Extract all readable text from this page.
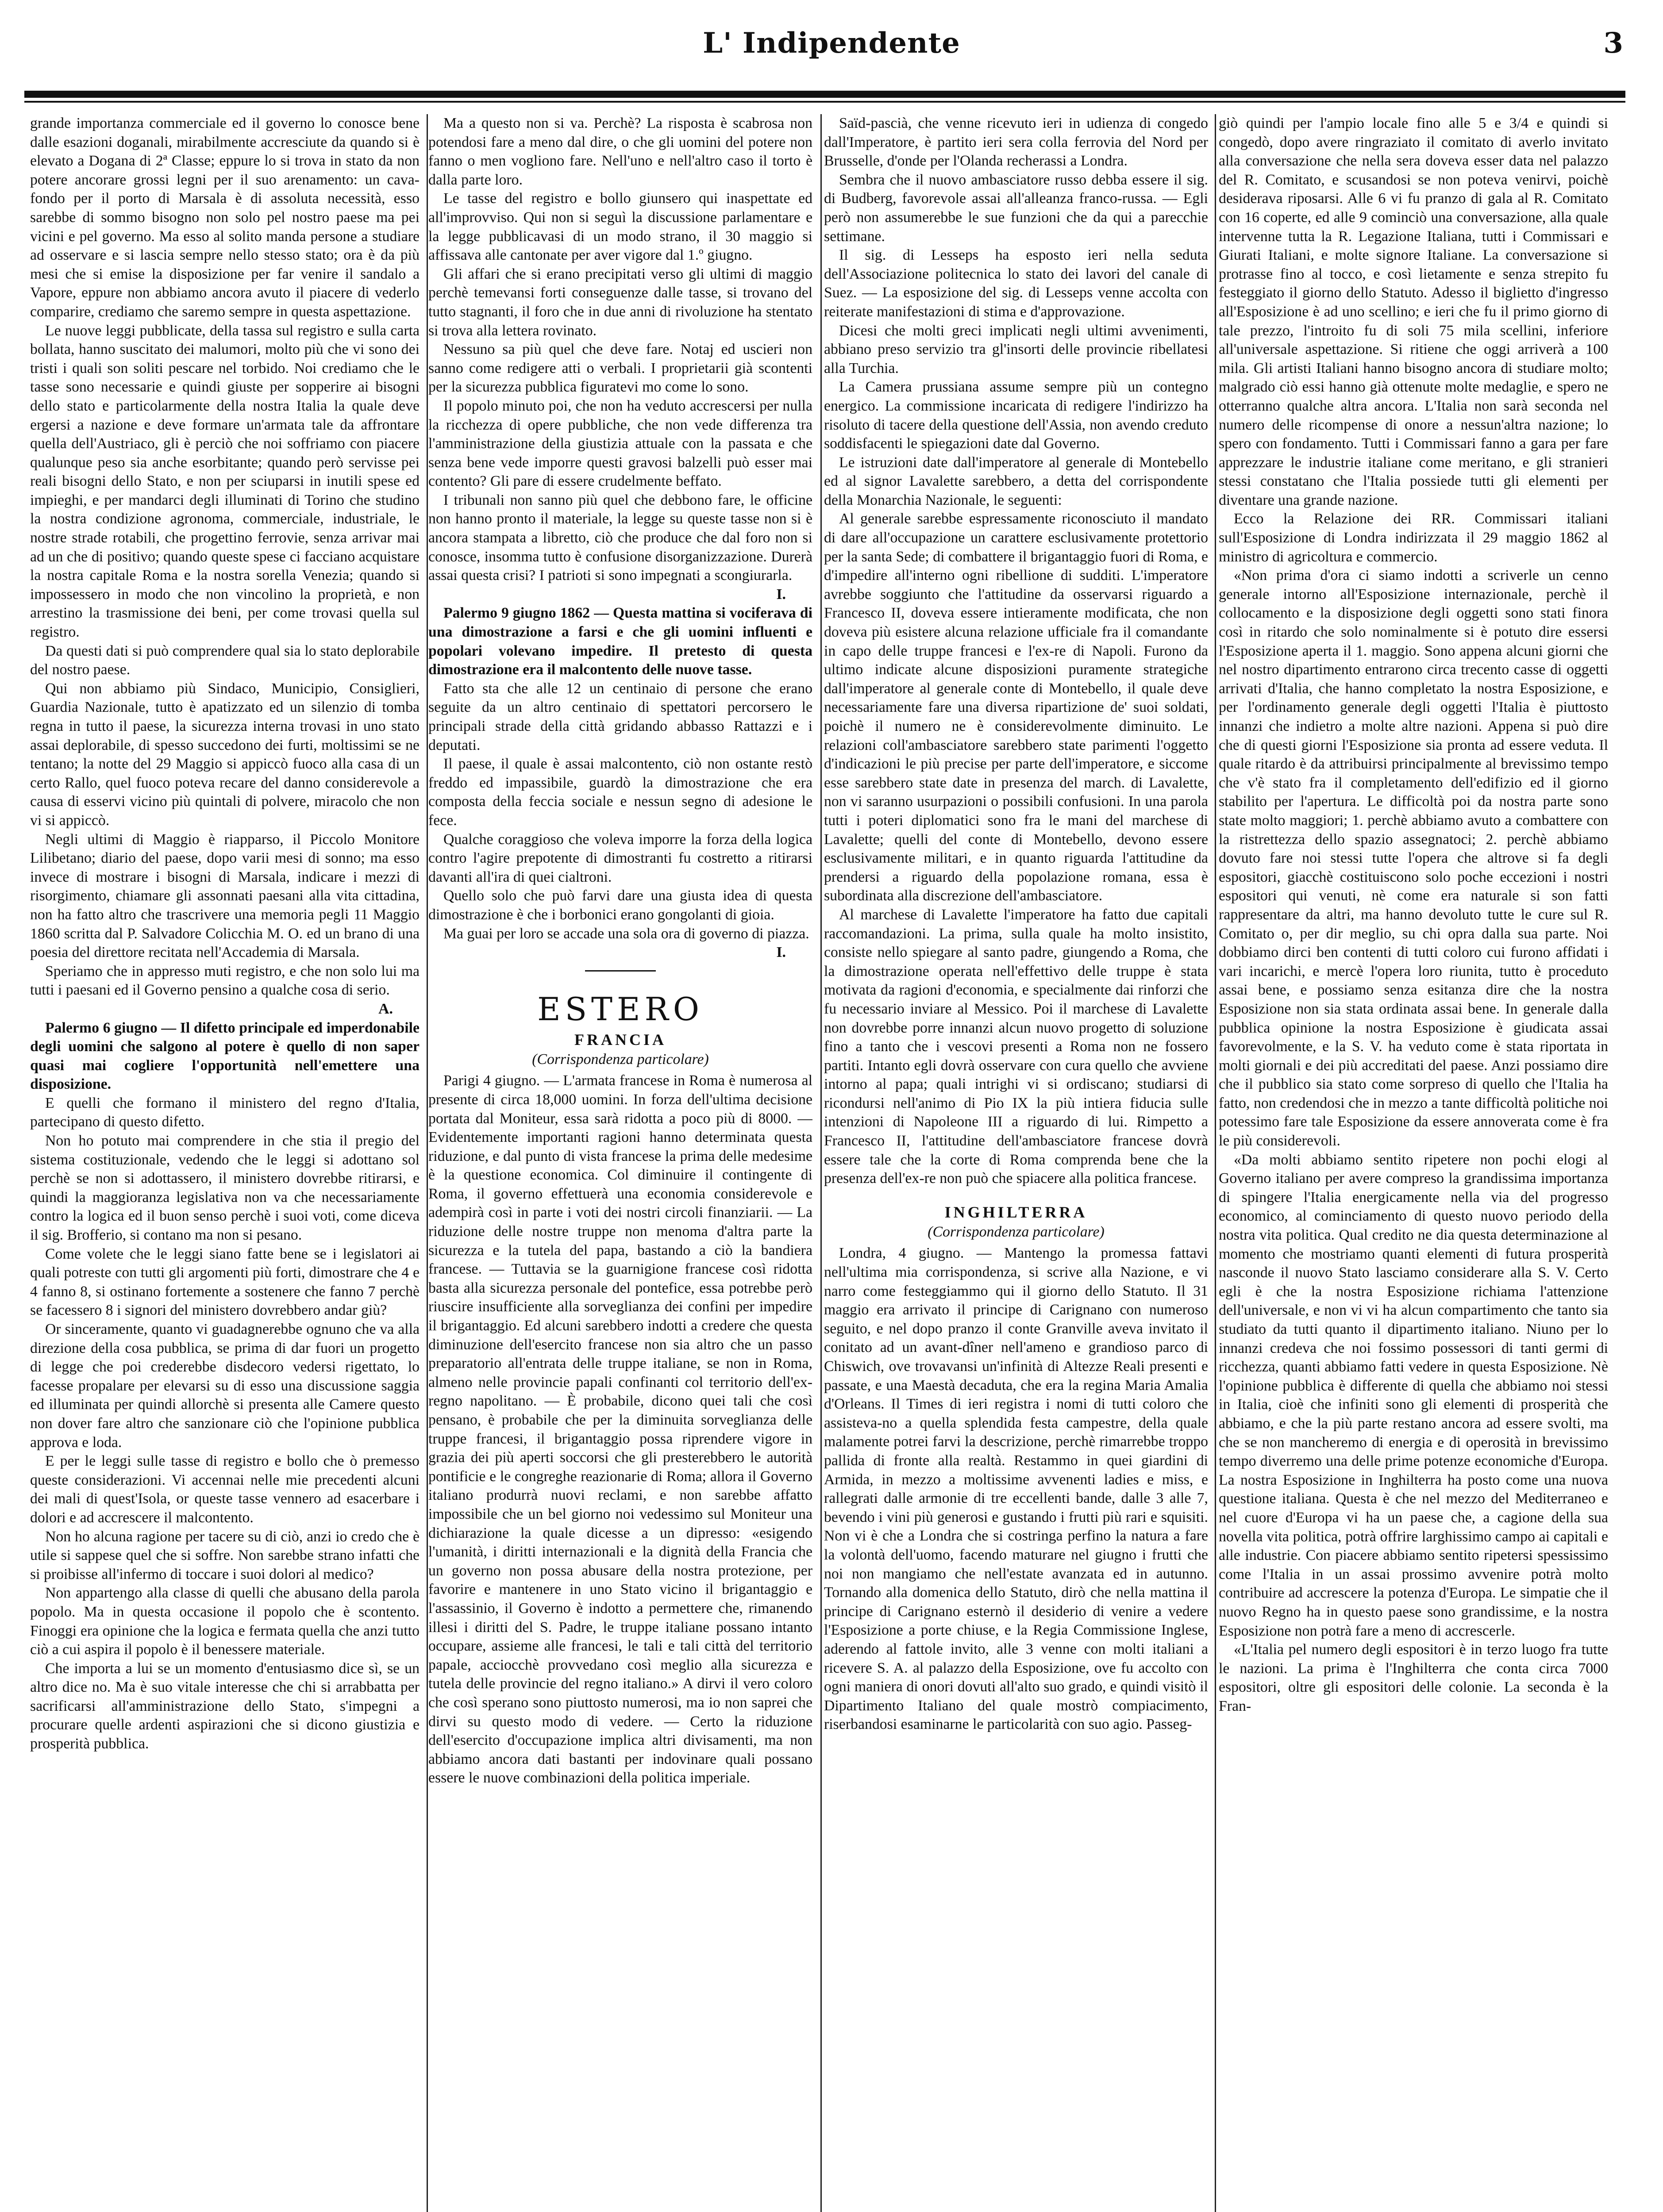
L' Indipendente	3

grande importanza commerciale ed il governo lo conosce bene dalle esazioni doganali, mirabilmente accresciute da quando si è elevato a Dogana di 2ª Classe; eppure lo si trova in stato da non potere ancorare grossi legni per il suo arenamento: un cava-fondo per il porto di Marsala è di assoluta necessità, esso sarebbe di sommo bisogno non solo pel nostro paese ma pei vicini e pel governo. Ma esso al solito manda persone a studiare ad osservare e si lascia sempre nello stesso stato; ora è da più mesi che si emise la disposizione per far venire il sandalo a Vapore, eppure non abbiamo ancora avuto il piacere di vederlo comparire, crediamo che saremo sempre in questa aspettazione.

Le nuove leggi pubblicate, della tassa sul registro e sulla carta bollata, hanno suscitato dei malumori, molto più che vi sono dei tristi i quali son soliti pescare nel torbido. Noi crediamo che le tasse sono necessarie e quindi giuste per sopperire ai bisogni dello stato e particolarmente della nostra Italia la quale deve ergersi a nazione e deve formare un'armata tale da affrontare quella dell'Austriaco, gli è perciò che noi soffriamo con piacere qualunque peso sia anche esorbitante; quando però servisse pei reali bisogni dello Stato, e non per sciuparsi in inutili spese ed impieghi, e per mandarci degli illuminati di Torino che studino la nostra condizione agronoma, commerciale, industriale, le nostre strade rotabili, che progettino ferrovie, senza arrivar mai ad un che di positivo; quando queste spese ci facciano acquistare la nostra capitale Roma e la nostra sorella Venezia; quando si impossessero in modo che non vincolino la proprietà, e non arrestino la trasmissione dei beni, per come trovasi quella sul registro.

Da questi dati si può comprendere qual sia lo stato deplorabile del nostro paese.

Qui non abbiamo più Sindaco, Municipio, Consiglieri, Guardia Nazionale, tutto è apatizzato ed un silenzio di tomba regna in tutto il paese, la sicurezza interna trovasi in uno stato assai deplorabile, di spesso succedono dei furti, moltissimi se ne tentano; la notte del 29 Maggio si appiccò fuoco alla casa di un certo Rallo, quel fuoco poteva recare del danno considerevole a causa di esservi vicino più quintali di polvere, miracolo che non vi si appiccò.

Negli ultimi di Maggio è riapparso, il Piccolo Monitore Lilibetano; diario del paese, dopo varii mesi di sonno; ma esso invece di mostrare i bisogni di Marsala, indicare i mezzi di risorgimento, chiamare gli assonnati paesani alla vita cittadina, non ha fatto altro che trascrivere una memoria pegli 11 Maggio 1860 scritta dal P. Salvadore Colicchia M. O. ed un brano di una poesia del direttore recitata nell'Accademia di Marsala.

Speriamo che in appresso muti registro, e che non solo lui ma tutti i paesani ed il Governo pensino a qualche cosa di serio.

A.

Palermo 6 giugno — Il difetto principale ed imperdonabile degli uomini che salgono al potere è quello di non saper quasi mai cogliere l'opportunità nell'emettere una disposizione.

E quelli che formano il ministero del regno d'Italia, partecipano di questo difetto.

Non ho potuto mai comprendere in che stia il pregio del sistema costituzionale, vedendo che le leggi si adottano sol perchè se non si adottassero, il ministero dovrebbe ritirarsi, e quindi la maggioranza legislativa non va che necessariamente contro la logica ed il buon senso perchè i suoi voti, come diceva il sig. Brofferio, si contano ma non si pesano.

Come volete che le leggi siano fatte bene se i legislatori ai quali potreste con tutti gli argomenti più forti, dimostrare che 4 e 4 fanno 8, si ostinano fortemente a sostenere che fanno 7 perchè se facessero 8 i signori del ministero dovrebbero andar giù?

Or sinceramente, quanto vi guadagnerebbe ognuno che va alla direzione della cosa pubblica, se prima di dar fuori un progetto di legge che poi crederebbe disdecoro vedersi rigettato, lo facesse propalare per elevarsi su di esso una discussione saggia ed illuminata per quindi allorchè si presenta alle Camere questo non dover fare altro che sanzionare ciò che l'opinione pubblica approva e loda.

E per le leggi sulle tasse di registro e bollo che ò premesso queste considerazioni. Vi accennai nelle mie precedenti alcuni dei mali di quest'Isola, or queste tasse vennero ad esacerbare i dolori e ad accrescere il malcontento.

Non ho alcuna ragione per tacere su di ciò, anzi io credo che è utile si sappese quel che si soffre. Non sarebbe strano infatti che si proibisse all'infermo di toccare i suoi dolori al medico?

Non appartengo alla classe di quelli che abusano della parola popolo. Ma in questa occasione il popolo che è scontento. Finoggi era opinione che la logica e fermata quella che anzi tutto ciò a cui aspira il popolo è il benessere materiale.

Che importa a lui se un momento d'entusiasmo dice sì, se un altro dice no. Ma è suo vitale interesse che chi si arrabbatta per sacrificarsi all'amministrazione dello Stato, s'impegni a procurare quelle ardenti aspirazioni che si dicono giustizia e prosperità pubblica.

Ma a questo non si va. Perchè? La risposta è scabrosa non potendosi fare a meno dal dire, o che gli uomini del potere non fanno o men vogliono fare. Nell'uno e nell'altro caso il torto è dalla parte loro.

Le tasse del registro e bollo giunsero qui inaspettate ed all'improvviso. Qui non si seguì la discussione parlamentare e la legge pubblicavasi di un modo strano, il 30 maggio si affissava alle cantonate per aver vigore dal 1.º giugno.

Gli affari che si erano precipitati verso gli ultimi di maggio perchè temevansi forti conseguenze dalle tasse, si trovano del tutto stagnanti, il foro che in due anni di rivoluzione ha stentato si trova alla lettera rovinato.

Nessuno sa più quel che deve fare. Notaj ed uscieri non sanno come redigere atti o verbali. I proprietarii già scontenti per la sicurezza pubblica figuratevi mo come lo sono.

Il popolo minuto poi, che non ha veduto accrescersi per nulla la ricchezza di opere pubbliche, che non vede differenza tra l'amministrazione della giustizia attuale con la passata e che senza bene vede imporre questi gravosi balzelli può esser mai contento? Gli pare di essere crudelmente beffato.

I tribunali non sanno più quel che debbono fare, le officine non hanno pronto il materiale, la legge su queste tasse non si è ancora stampata a libretto, ciò che produce che dal foro non si conosce, insomma tutto è confusione disorganizzazione. Durerà assai questa crisi? I patrioti si sono impegnati a scongiurarla.

I.

Palermo 9 giugno 1862 — Questa mattina si vociferava di una dimostrazione a farsi e che gli uomini influenti e popolari volevano impedire. Il pretesto di questa dimostrazione era il malcontento delle nuove tasse.

Fatto sta che alle 12 un centinaio di persone che erano seguite da un altro centinaio di spettatori percorsero le principali strade della città gridando abbasso Rattazzi e i deputati.

Il paese, il quale è assai malcontento, ciò non ostante restò freddo ed impassibile, guardò la dimostrazione che era composta della feccia sociale e nessun segno di adesione le fece.

Qualche coraggioso che voleva imporre la forza della logica contro l'agire prepotente di dimostranti fu costretto a ritirarsi davanti all'ira di quei cialtroni.

Quello solo che può farvi dare una giusta idea di questa dimostrazione è che i borbonici erano gongolanti di gioia.

Ma guai per loro se accade una sola ora di governo di piazza.

I.

ESTERO

FRANCIA

(Corrispondenza particolare)

Parigi 4 giugno. — L'armata francese in Roma è numerosa al presente di circa 18,000 uomini. In forza dell'ultima decisione portata dal Moniteur, essa sarà ridotta a poco più di 8000. — Evidentemente importanti ragioni hanno determinata questa riduzione, e dal punto di vista francese la prima delle medesime è la questione economica. Col diminuire il contingente di Roma, il governo effettuerà una economia considerevole e adempirà così in parte i voti dei nostri circoli finanziarii. — La riduzione delle nostre truppe non menoma d'altra parte la sicurezza e la tutela del papa, bastando a ciò la bandiera francese. — Tuttavia se la guarnigione francese così ridotta basta alla sicurezza personale del pontefice, essa potrebbe però riuscire insufficiente alla sorveglianza dei confini per impedire il brigantaggio. Ed alcuni sarebbero indotti a credere che questa diminuzione dell'esercito francese non sia altro che un passo preparatorio all'entrata delle truppe italiane, se non in Roma, almeno nelle provincie papali confinanti col territorio dell'ex-regno napolitano. — È probabile, dicono quei tali che così pensano, è probabile che per la diminuita sorveglianza delle truppe francesi, il brigantaggio possa riprendere vigore in grazia dei più aperti soccorsi che gli presterebbero le autorità pontificie e le congreghe reazionarie di Roma; allora il Governo italiano produrrà nuovi reclami, e non sarebbe affatto impossibile che un bel giorno noi vedessimo sul Moniteur una dichiarazione la quale dicesse a un dipresso: «esigendo l'umanità, i diritti internazionali e la dignità della Francia che un governo non possa abusare della nostra protezione, per favorire e mantenere in uno Stato vicino il brigantaggio e l'assassinio, il Governo è indotto a permettere che, rimanendo illesi i diritti del S. Padre, le truppe italiane possano intanto occupare, assieme alle francesi, le tali e tali città del territorio papale, acciocchè provvedano così meglio alla sicurezza e tutela delle provincie del regno italiano.» A dirvi il vero coloro che così sperano sono piuttosto numerosi, ma io non saprei che dirvi su questo modo di vedere. — Certo la riduzione dell'esercito d'occupazione implica altri divisamenti, ma non abbiamo ancora dati bastanti per indovinare quali possano essere le nuove combinazioni della politica imperiale.

Saïd-pascià, che venne ricevuto ieri in udienza di congedo dall'Imperatore, è partito ieri sera colla ferrovia del Nord per Brusselle, d'onde per l'Olanda recherassi a Londra.

Sembra che il nuovo ambasciatore russo debba essere il sig. di Budberg, favorevole assai all'alleanza franco-russa. — Egli però non assumerebbe le sue funzioni che da qui a parecchie settimane.

Il sig. di Lesseps ha esposto ieri nella seduta dell'Associazione politecnica lo stato dei lavori del canale di Suez. — La esposizione del sig. di Lesseps venne accolta con reiterate manifestazioni di stima e d'approvazione.

Dicesi che molti greci implicati negli ultimi avvenimenti, abbiano preso servizio tra gl'insorti delle provincie ribellatesi alla Turchia.

La Camera prussiana assume sempre più un contegno energico. La commissione incaricata di redigere l'indirizzo ha risoluto di tacere della questione dell'Assia, non avendo creduto soddisfacenti le spiegazioni date dal Governo.

Le istruzioni date dall'imperatore al generale di Montebello ed al signor Lavalette sarebbero, a detta del corrispondente della Monarchia Nazionale, le seguenti:

Al generale sarebbe espressamente riconosciuto il mandato di dare all'occupazione un carattere esclusivamente protettorio per la santa Sede; di combattere il brigantaggio fuori di Roma, e d'impedire all'interno ogni ribellione di sudditi. L'imperatore avrebbe soggiunto che l'attitudine da osservarsi riguardo a Francesco II, doveva essere intieramente modificata, che non doveva più esistere alcuna relazione ufficiale fra il comandante in capo delle truppe francesi e l'ex-re di Napoli. Furono da ultimo indicate alcune disposizioni puramente strategiche dall'imperatore al generale conte di Montebello, il quale deve necessariamente fare una diversa ripartizione de' suoi soldati, poichè il numero ne è considerevolmente diminuito. Le relazioni coll'ambasciatore sarebbero state parimenti l'oggetto d'indicazioni le più precise per parte dell'imperatore, e siccome esse sarebbero state date in presenza del march. di Lavalette, non vi saranno usurpazioni o possibili confusioni. In una parola tutti i poteri diplomatici sono fra le mani del marchese di Lavalette; quelli del conte di Montebello, devono essere esclusivamente militari, e in quanto riguarda l'attitudine da prendersi a riguardo della popolazione romana, essa è subordinata alla discrezione dell'ambasciatore.

Al marchese di Lavalette l'imperatore ha fatto due capitali raccomandazioni. La prima, sulla quale ha molto insistito, consiste nello spiegare al santo padre, giungendo a Roma, che la dimostrazione operata nell'effettivo delle truppe è stata motivata da ragioni d'economia, e specialmente dai rinforzi che fu necessario inviare al Messico. Poi il marchese di Lavalette non dovrebbe porre innanzi alcun nuovo progetto di soluzione fino a tanto che i vescovi presenti a Roma non ne fossero partiti. Intanto egli dovrà osservare con cura quello che avviene intorno al papa; quali intrighi vi si ordiscano; studiarsi di ricondursi nell'animo di Pio IX la più intiera fiducia sulle intenzioni di Napoleone III a riguardo di lui. Rimpetto a Francesco II, l'attitudine dell'ambasciatore francese dovrà essere tale che la corte di Roma comprenda bene che la presenza dell'ex-re non può che spiacere alla politica francese.

INGHILTERRA

(Corrispondenza particolare)

Londra, 4 giugno. — Mantengo la promessa fattavi nell'ultima mia corrispondenza, si scrive alla Nazione, e vi narro come festeggiammo qui il giorno dello Statuto. Il 31 maggio era arrivato il principe di Carignano con numeroso seguito, e nel dopo pranzo il conte Granville aveva invitato il conitato ad un avant-dîner nell'ameno e grandioso parco di Chiswich, ove trovavansi un'infinità di Altezze Reali presenti e passate, e una Maestà decaduta, che era la regina Maria Amalia d'Orleans. Il Times di ieri registra i nomi di tutti coloro che assisteva-no a quella splendida festa campestre, della quale malamente potrei farvi la descrizione, perchè rimarrebbe troppo pallida di fronte alla realtà. Restammo in quei giardini di Armida, in mezzo a moltissime avvenenti ladies e miss, e rallegrati dalle armonie di tre eccellenti bande, dalle 3 alle 7, bevendo i vini più generosi e gustando i frutti più rari e squisiti. Non vi è che a Londra che si costringa perfino la natura a fare la volontà dell'uomo, facendo maturare nel giugno i frutti che noi non mangiamo che nell'estate avanzata ed in autunno. Tornando alla domenica dello Statuto, dirò che nella mattina il principe di Carignano esternò il desiderio di venire a vedere l'Esposizione a porte chiuse, e la Regia Commissione Inglese, aderendo al fattole invito, alle 3 venne con molti italiani a ricevere S. A. al palazzo della Esposizione, ove fu accolto con ogni maniera di onori dovuti all'alto suo grado, e quindi visitò il Dipartimento Italiano del quale mostrò compiacimento, riserbandosi esaminarne le particolarità con suo agio. Passeg-

giò quindi per l'ampio locale fino alle 5 e 3/4 e quindi si congedò, dopo avere ringraziato il comitato di averlo invitato alla conversazione che nella sera doveva esser data nel palazzo del R. Comitato, e scusandosi se non poteva venirvi, poichè desiderava riposarsi. Alle 6 vi fu pranzo di gala al R. Comitato con 16 coperte, ed alle 9 cominciò una conversazione, alla quale intervenne tutta la R. Legazione Italiana, tutti i Commissari e Giurati Italiani, e molte signore Italiane. La conversazione si protrasse fino al tocco, e così lietamente e senza strepito fu festeggiato il giorno dello Statuto. Adesso il biglietto d'ingresso all'Esposizione è ad uno scellino; e ieri che fu il primo giorno di tale prezzo, l'introito fu di soli 75 mila scellini, inferiore all'universale aspettazione. Si ritiene che oggi arriverà a 100 mila. Gli artisti Italiani hanno bisogno ancora di studiare molto; malgrado ciò essi hanno già ottenute molte medaglie, e spero ne otterranno qualche altra ancora. L'Italia non sarà seconda nel numero delle ricompense di onore a nessun'altra nazione; lo spero con fondamento. Tutti i Commissari fanno a gara per fare apprezzare le industrie italiane come meritano, e gli stranieri stessi constatano che l'Italia possiede tutti gli elementi per diventare una grande nazione.

Ecco la Relazione dei RR. Commissari italiani sull'Esposizione di Londra indirizzata il 29 maggio 1862 al ministro di agricoltura e commercio.

«Non prima d'ora ci siamo indotti a scriverle un cenno generale intorno all'Esposizione internazionale, perchè il collocamento e la disposizione degli oggetti sono stati finora così in ritardo che solo nominalmente si è potuto dire essersi l'Esposizione aperta il 1. maggio. Sono appena alcuni giorni che nel nostro dipartimento entrarono circa trecento casse di oggetti arrivati d'Italia, che hanno completato la nostra Esposizione, e per l'ordinamento generale degli oggetti l'Italia è piuttosto innanzi che indietro a molte altre nazioni. Appena si può dire che di questi giorni l'Esposizione sia pronta ad essere veduta. Il quale ritardo è da attribuirsi principalmente al brevissimo tempo che v'è stato fra il completamento dell'edifizio ed il giorno stabilito per l'apertura. Le difficoltà poi da nostra parte sono state molto maggiori; 1. perchè abbiamo avuto a combattere con la ristrettezza dello spazio assegnatoci; 2. perchè abbiamo dovuto fare noi stessi tutte l'opera che altrove si fa degli espositori, giacchè costituiscono solo poche eccezioni i nostri espositori qui venuti, nè come era naturale si son fatti rappresentare da altri, ma hanno devoluto tutte le cure sul R. Comitato o, per dir meglio, su chi opra dalla sua parte. Noi dobbiamo dirci ben contenti di tutti coloro cui furono affidati i vari incarichi, e mercè l'opera loro riunita, tutto è proceduto assai bene, e possiamo senza esitanza dire che la nostra Esposizione non sia stata ordinata assai bene. In generale dalla pubblica opinione la nostra Esposizione è giudicata assai favorevolmente, e la S. V. ha veduto come è stata riportata in molti giornali e dei più accreditati del paese. Anzi possiamo dire che il pubblico sia stato come sorpreso di quello che l'Italia ha fatto, non credendosi che in mezzo a tante difficoltà politiche noi potessimo fare tale Esposizione da essere annoverata come è fra le più considerevoli.

«Da molti abbiamo sentito ripetere non pochi elogi al Governo italiano per avere compreso la grandissima importanza di spingere l'Italia energicamente nella via del progresso economico, al cominciamento di questo nuovo periodo della nostra vita politica. Qual credito ne dia questa determinazione al momento che mostriamo quanti elementi di futura prosperità nasconde il nuovo Stato lasciamo considerare alla S. V. Certo egli è che la nostra Esposizione richiama l'attenzione dell'universale, e non vi vi ha alcun compartimento che tanto sia studiato da tutti quanto il dipartimento italiano. Niuno per lo innanzi credeva che noi fossimo possessori di tanti germi di ricchezza, quanti abbiamo fatti vedere in questa Esposizione. Nè l'opinione pubblica è differente di quella che abbiamo noi stessi in Italia, cioè che infiniti sono gli elementi di prosperità che abbiamo, e che la più parte restano ancora ad essere svolti, ma che se non mancheremo di energia e di operosità in brevissimo tempo diverremo una delle prime potenze economiche d'Europa. La nostra Esposizione in Inghilterra ha posto come una nuova questione italiana. Questa è che nel mezzo del Mediterraneo e nel cuore d'Europa vi ha un paese che, a cagione della sua novella vita politica, potrà offrire larghissimo campo ai capitali e alle industrie. Con piacere abbiamo sentito ripetersi spessissimo come l'Italia in un assai prossimo avvenire potrà molto contribuire ad accrescere la potenza d'Europa. Le simpatie che il nuovo Regno ha in questo paese sono grandissime, e la nostra Esposizione non potrà fare a meno di accrescerle.

«L'Italia pel numero degli espositori è in terzo luogo fra tutte le nazioni. La prima è l'Inghilterra che conta circa 7000 espositori, oltre gli espositori delle colonie. La seconda è la Fran-
